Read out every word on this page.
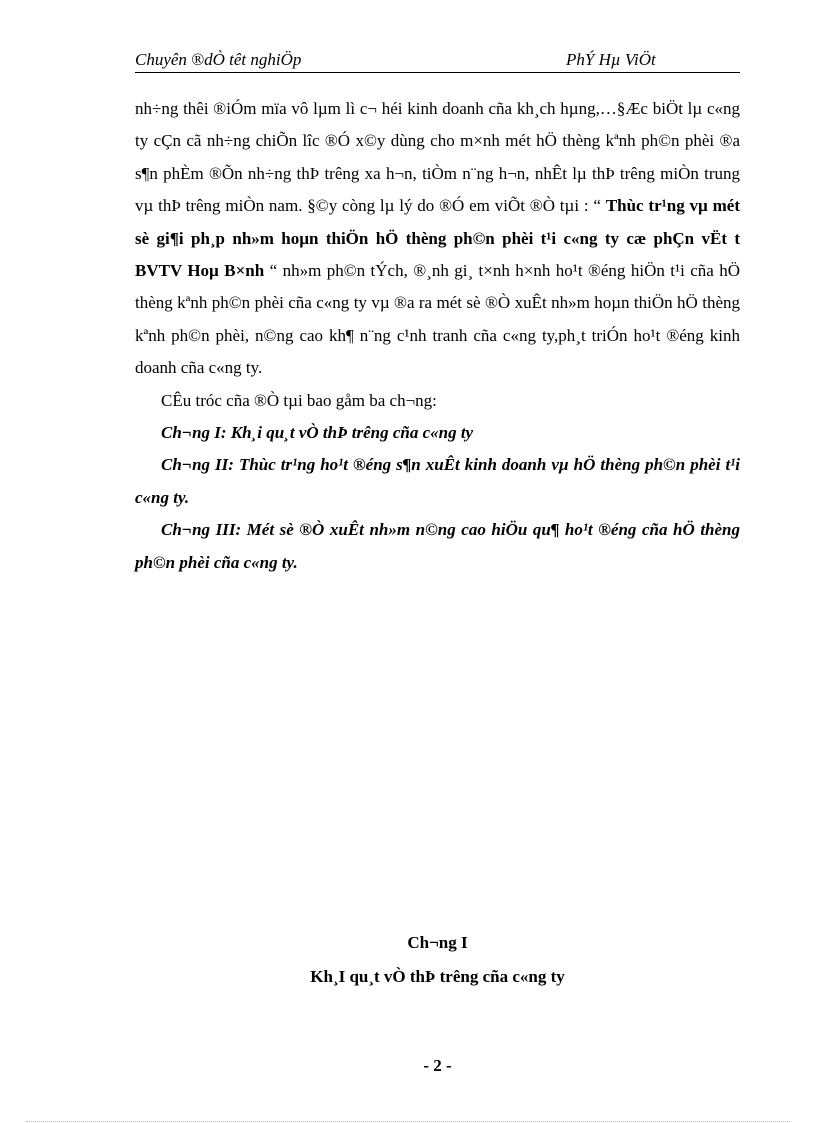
Chuyên ®dÒ têt nghiÖp	PhÝ Hµ ViÖt

nh÷ng thêi ®iÓm mïa vô lµm lì c¬ héi kinh doanh cña kh¸ch hµng,…§Æc biÖt lµ c«ng ty cÇn cã nh÷ng chiÕn lîc ®Ó x©y dùng cho m×nh mét hÖ thèng kªnh ph©n phèi ®a s¶n phÈm ®Õn nh÷ng thÞ trêng xa h¬n, tiÒm n¨ng h¬n, nhÊt lµ thÞ trêng miÒn trung vµ thÞ trêng miÒn nam. §©y còng lµ lý do ®Ó em viÕt ®Ò tµi : “ Thùc tr¹ng vµ mét sè gi¶i ph¸p nh»m hoµn thiÖn hÖ thèng ph©n phèi t¹i c«ng ty cæ phÇn vËt t BVTV Hoµ B×nh “ nh»m ph©n tÝch, ®¸nh gi¸ t×nh h×nh ho¹t ®éng hiÖn t¹i cña hÖ thèng kªnh ph©n phèi cña c«ng ty vµ ®a ra mét sè ®Ò xuÊt nh»m hoµn thiÖn hÖ thèng kªnh ph©n phèi, n©ng cao kh¶ n¨ng c¹nh tranh cña c«ng ty,ph¸t triÓn ho¹t ®éng kinh doanh cña c«ng ty.

CÊu tróc cña ®Ò tµi bao gåm ba ch¬ng:

Ch¬ng I: Kh¸i qu¸t vÒ thÞ trêng cña c«ng ty

Ch¬ng II: Thùc tr¹ng ho¹t ®éng s¶n xuÊt kinh doanh vµ hÖ thèng ph©n phèi t¹i c«ng ty.

Ch¬ng III: Mét sè ®Ò xuÊt nh»m n©ng cao hiÖu qu¶ ho¹t ®éng cña hÖ thèng ph©n phèi cña c«ng ty.

Ch¬ng I
Kh¸I qu¸t vÒ thÞ trêng cña c«ng ty
- 2 -
